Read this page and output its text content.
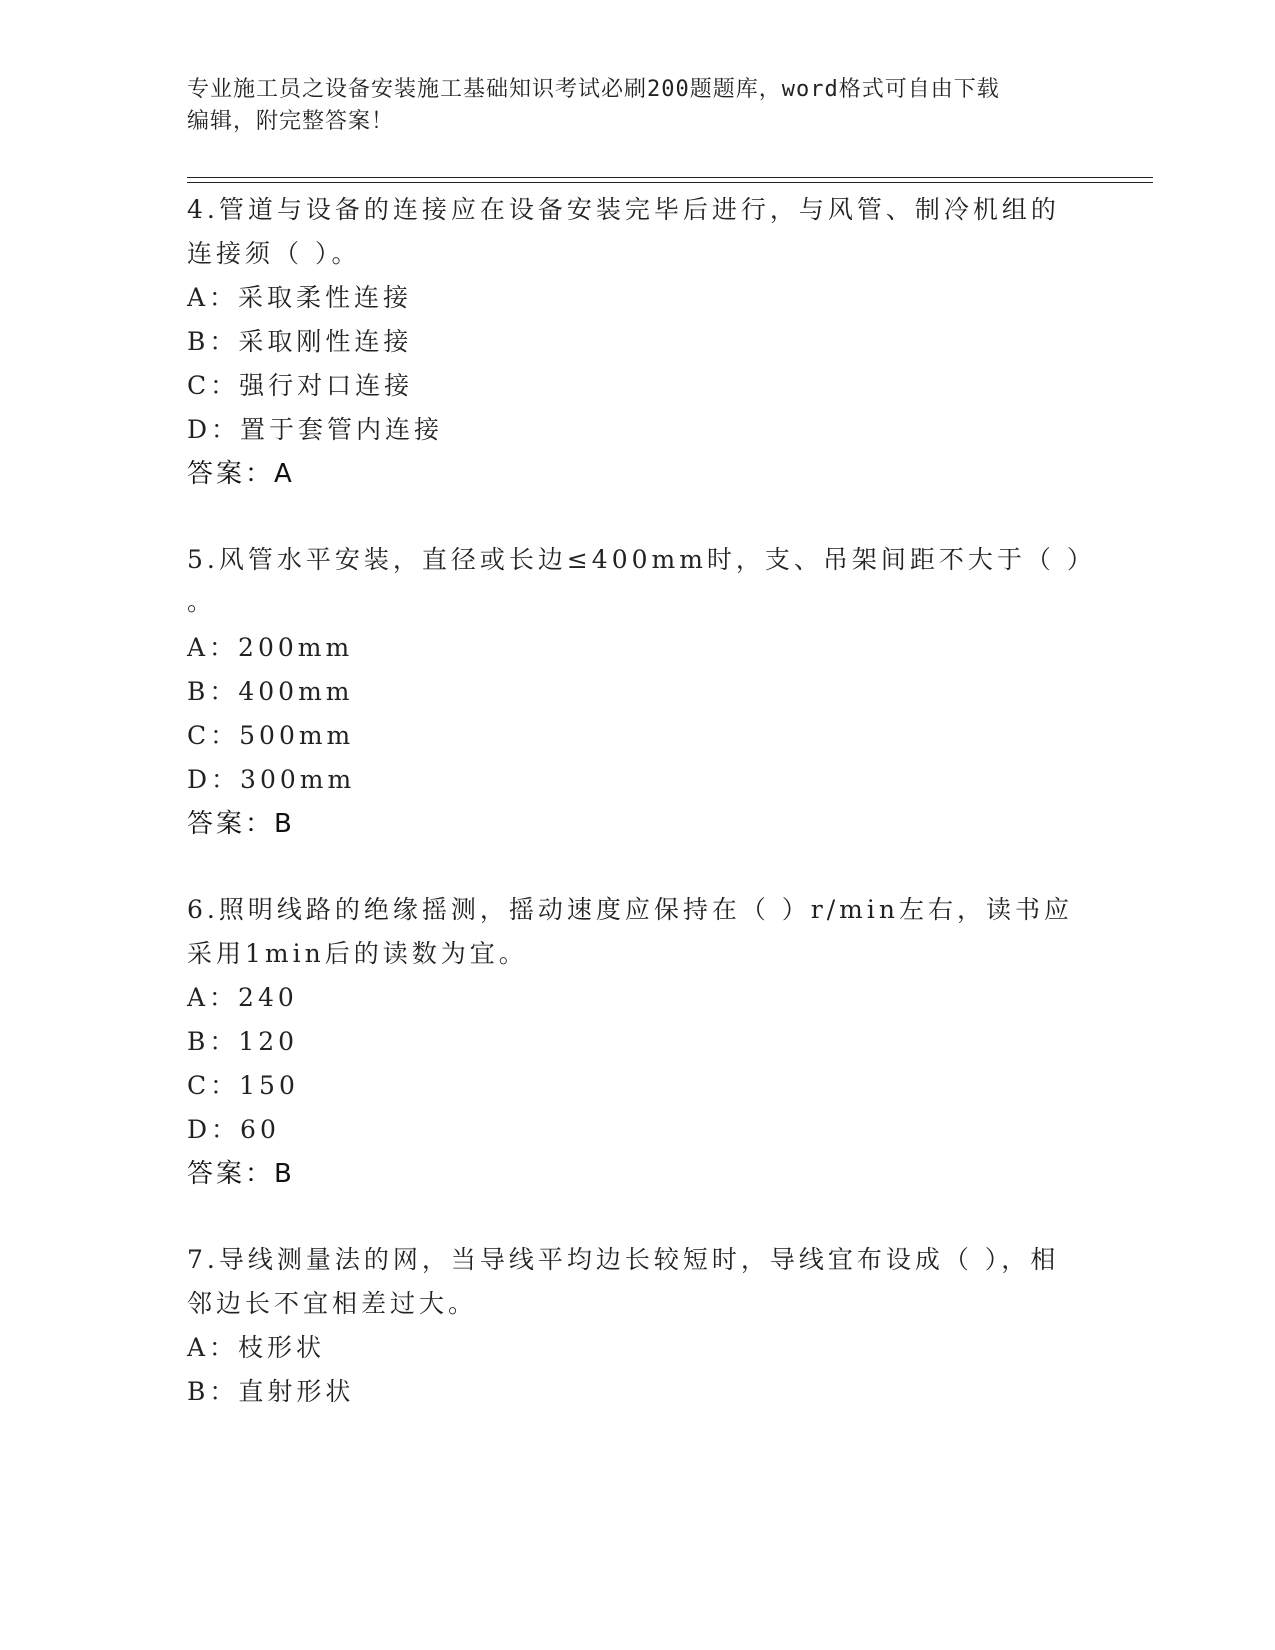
专业施工员之设备安装施工基础知识考试必刷200题题库，word格式可自由下载
编辑，附完整答案！
4.管道与设备的连接应在设备安装完毕后进行，与风管、制冷机组的
连接须（ ）。
A：采取柔性连接
B：采取刚性连接
C：强行对口连接
D：置于套管内连接
答案：A
5.风管水平安装，直径或长边≤400mm时，支、吊架间距不大于（ ）
。
A：200mm
B：400mm
C：500mm
D：300mm
答案：B
6.照明线路的绝缘摇测，摇动速度应保持在（ ）r/min左右，读书应
采用1min后的读数为宜。
A：240
B：120
C：150
D：60
答案：B
7.导线测量法的网，当导线平均边长较短时，导线宜布设成（ ），相
邻边长不宜相差过大。
A：枝形状
B：直射形状
